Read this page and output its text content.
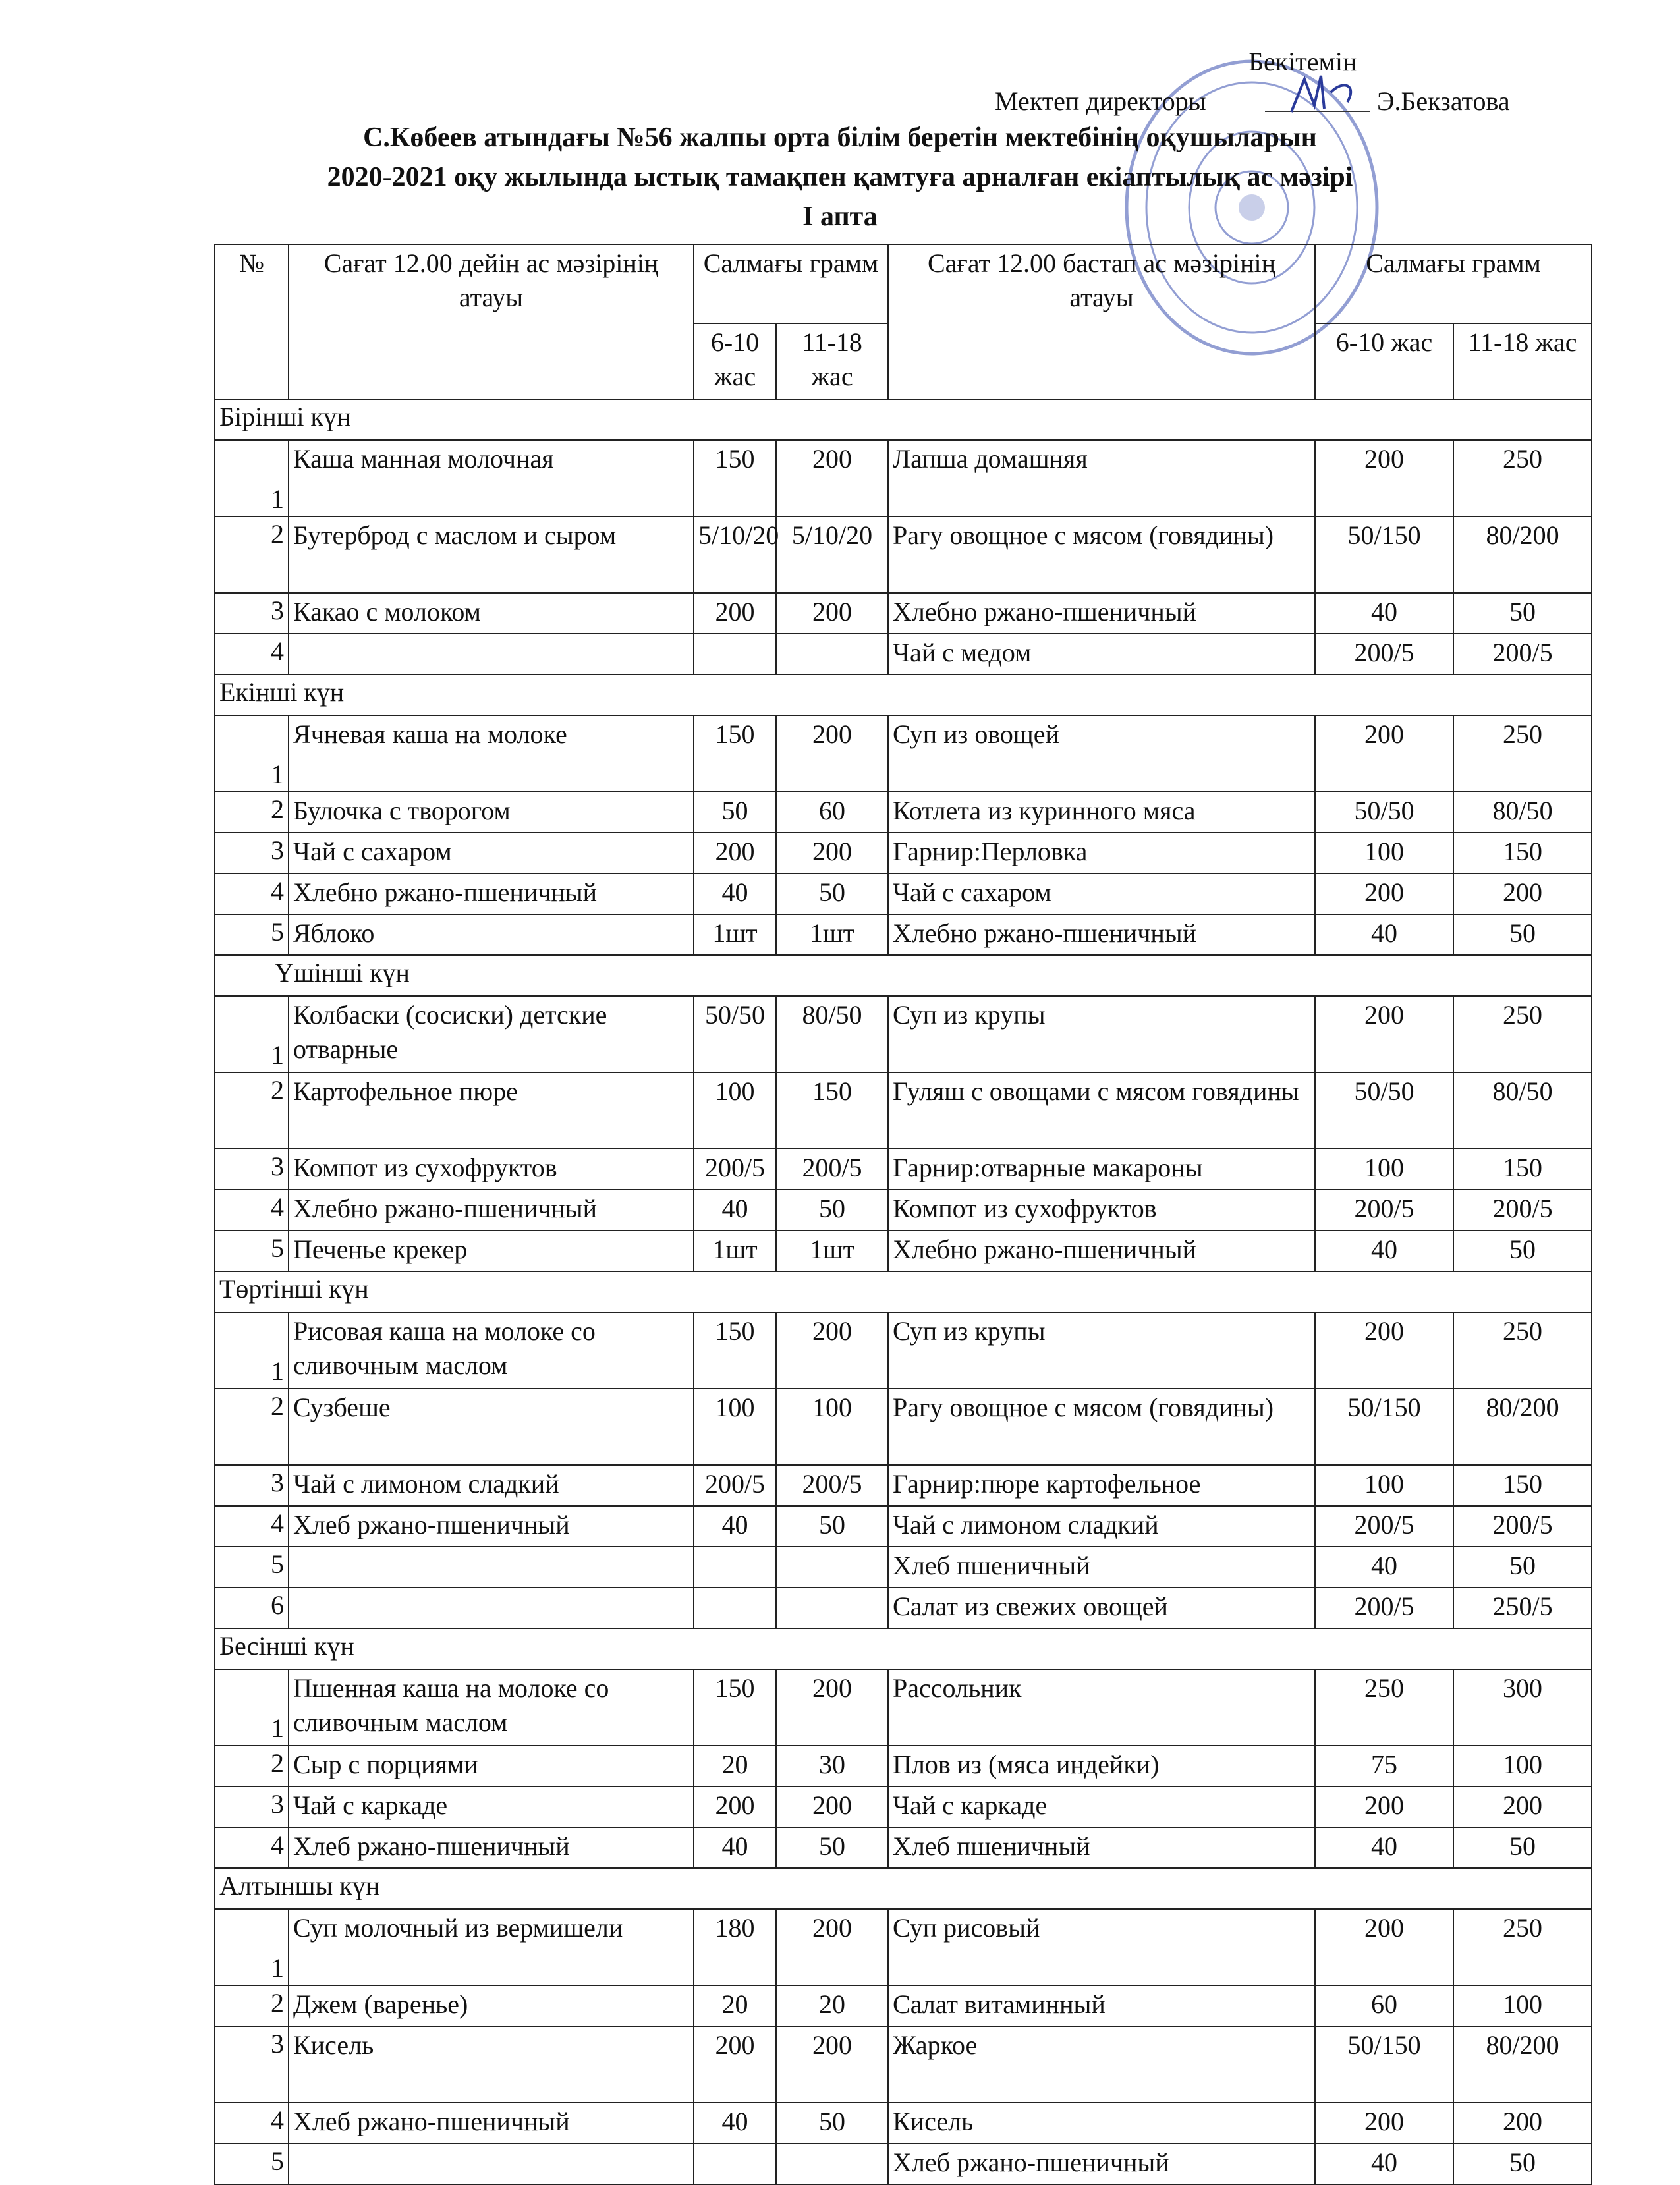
Бекітемін
Мектеп директоры	Э.Бекзатова
С.Көбеев атындағы №56 жалпы орта білім беретін мектебінің оқушыларын
2020-2021 оқу жылында ыстық тамақпен қамтуға арналған екіаптылық ас мәзірі
І апта
№	Сағат 12.00 дейін ас мәзірінің атауы	Салмағы грамм		Сағат 12.00 бастап ас мәзірінің атауы	Салмағы грамм	
		6-10 жас	11-18 жас		6-10 жас	11-18 жас
Бірінші күн						
1	Каша манная молочная	150	200	Лапша домашняя	200	250
2	Бутерброд с маслом и сыром	5/10/20	5/10/20	Рагу овощное с мясом (говядины)	50/150	80/200
3	Какао с молоком	200	200	Хлебно ржано-пшеничный	40	50
4				Чай с медом	200/5	200/5
Екінші күн						
1	Ячневая каша на молоке	150	200	Суп из овощей	200	250
2	Булочка с творогом	50	60	Котлета из куринного мяса	50/50	80/50
3	Чай с сахаром	200	200	Гарнир:Перловка	100	150
4	Хлебно ржано-пшеничный	40	50	Чай с сахаром	200	200
5	Яблоко	1шт	1шт	Хлебно ржано-пшеничный	40	50
Үшінші күн						
1	Колбаски (сосиски) детские отварные	50/50	80/50	Суп из крупы	200	250
2	Картофельное пюре	100	150	Гуляш с овощами с мясом говядины	50/50	80/50
3	Компот из сухофруктов	200/5	200/5	Гарнир:отварные макароны	100	150
4	Хлебно ржано-пшеничный	40	50	Компот из сухофруктов	200/5	200/5
5	Печенье крекер	1шт	1шт	Хлебно ржано-пшеничный	40	50
Төртінші күн						
1	Рисовая каша на молоке со сливочным маслом	150	200	Суп из крупы	200	250
2	Сузбеше	100	100	Рагу овощное с мясом (говядины)	50/150	80/200
3	Чай с лимоном сладкий	200/5	200/5	Гарнир:пюре картофельное	100	150
4	Хлеб ржано-пшеничный	40	50	Чай с лимоном сладкий	200/5	200/5
5				Хлеб пшеничный	40	50
6				Салат из свежих овощей	200/5	250/5
Бесінші күн						
1	Пшенная каша на молоке со сливочным маслом	150	200	Рассольник	250	300
2	Сыр с порциями	20	30	Плов из (мяса индейки)	75	100
3	Чай с каркаде	200	200	Чай с каркаде	200	200
4	Хлеб ржано-пшеничный	40	50	Хлеб пшеничный	40	50
Алтыншы күн						
1	Суп молочный из вермишели	180	200	Суп рисовый	200	250
2	Джем (варенье)	20	20	Салат витаминный	60	100
3	Кисель	200	200	Жаркое	50/150	80/200
4	Хлеб ржано-пшеничный	40	50	Кисель	200	200
5				Хлеб ржано-пшеничный	40	50
